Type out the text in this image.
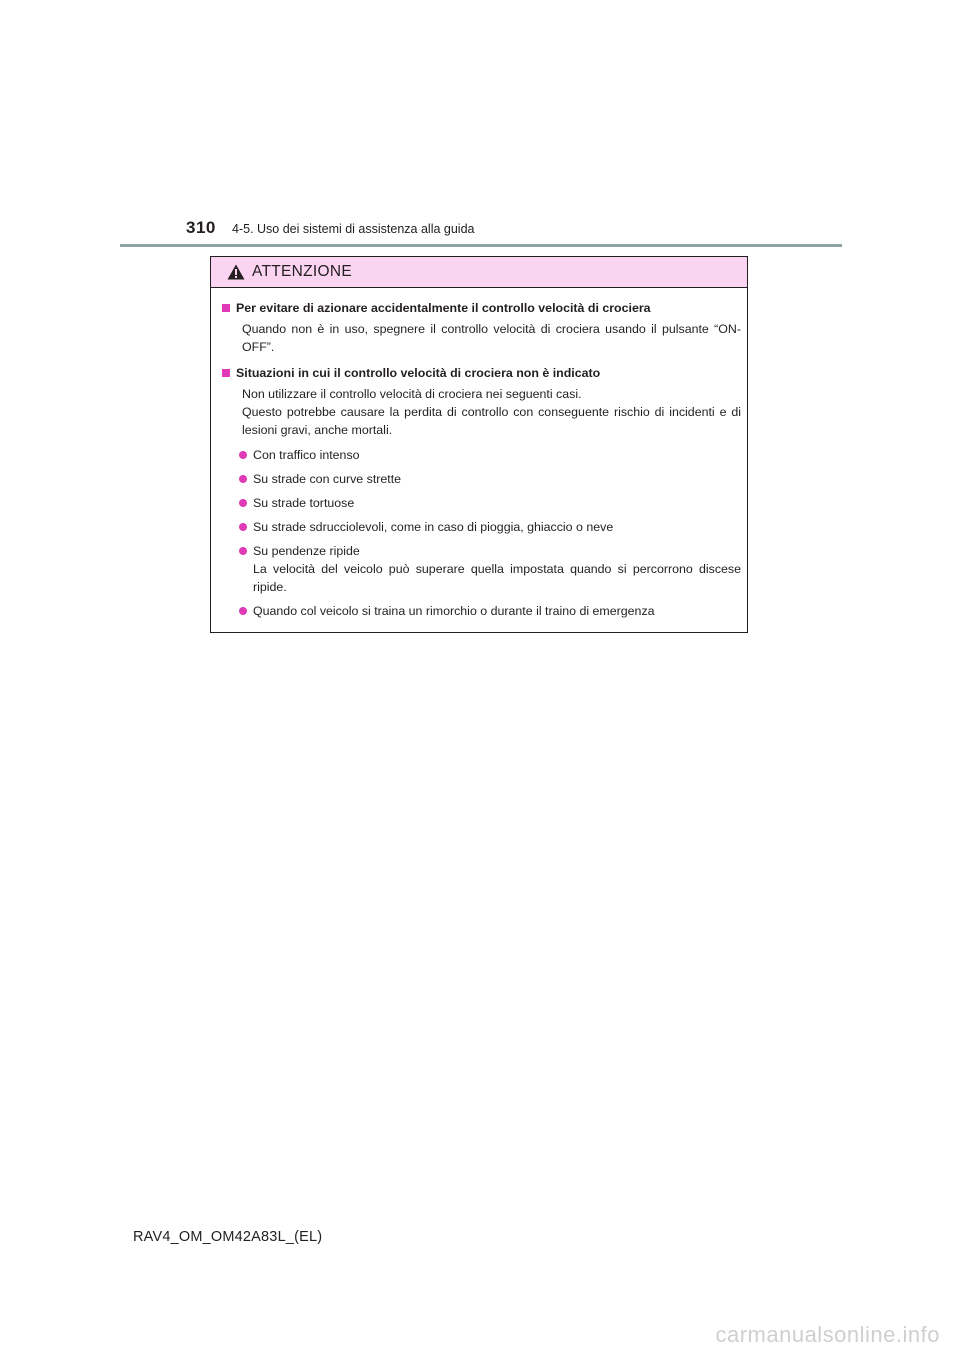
310 4-5. Uso dei sistemi di assistenza alla guida
ATTENZIONE
Per evitare di azionare accidentalmente il controllo velocità di crociera
Quando non è in uso, spegnere il controllo velocità di crociera usando il pulsante “ON-OFF”.
Situazioni in cui il controllo velocità di crociera non è indicato
Non utilizzare il controllo velocità di crociera nei seguenti casi.
Questo potrebbe causare la perdita di controllo con conseguente rischio di incidenti e di lesioni gravi, anche mortali.
Con traffico intenso
Su strade con curve strette
Su strade tortuose
Su strade sdrucciolevoli, come in caso di pioggia, ghiaccio o neve
Su pendenze ripide
La velocità del veicolo può superare quella impostata quando si percorrono discese ripide.
Quando col veicolo si traina un rimorchio o durante il traino di emergenza
RAV4_OM_OM42A83L_(EL)
carmanualsonline.info
